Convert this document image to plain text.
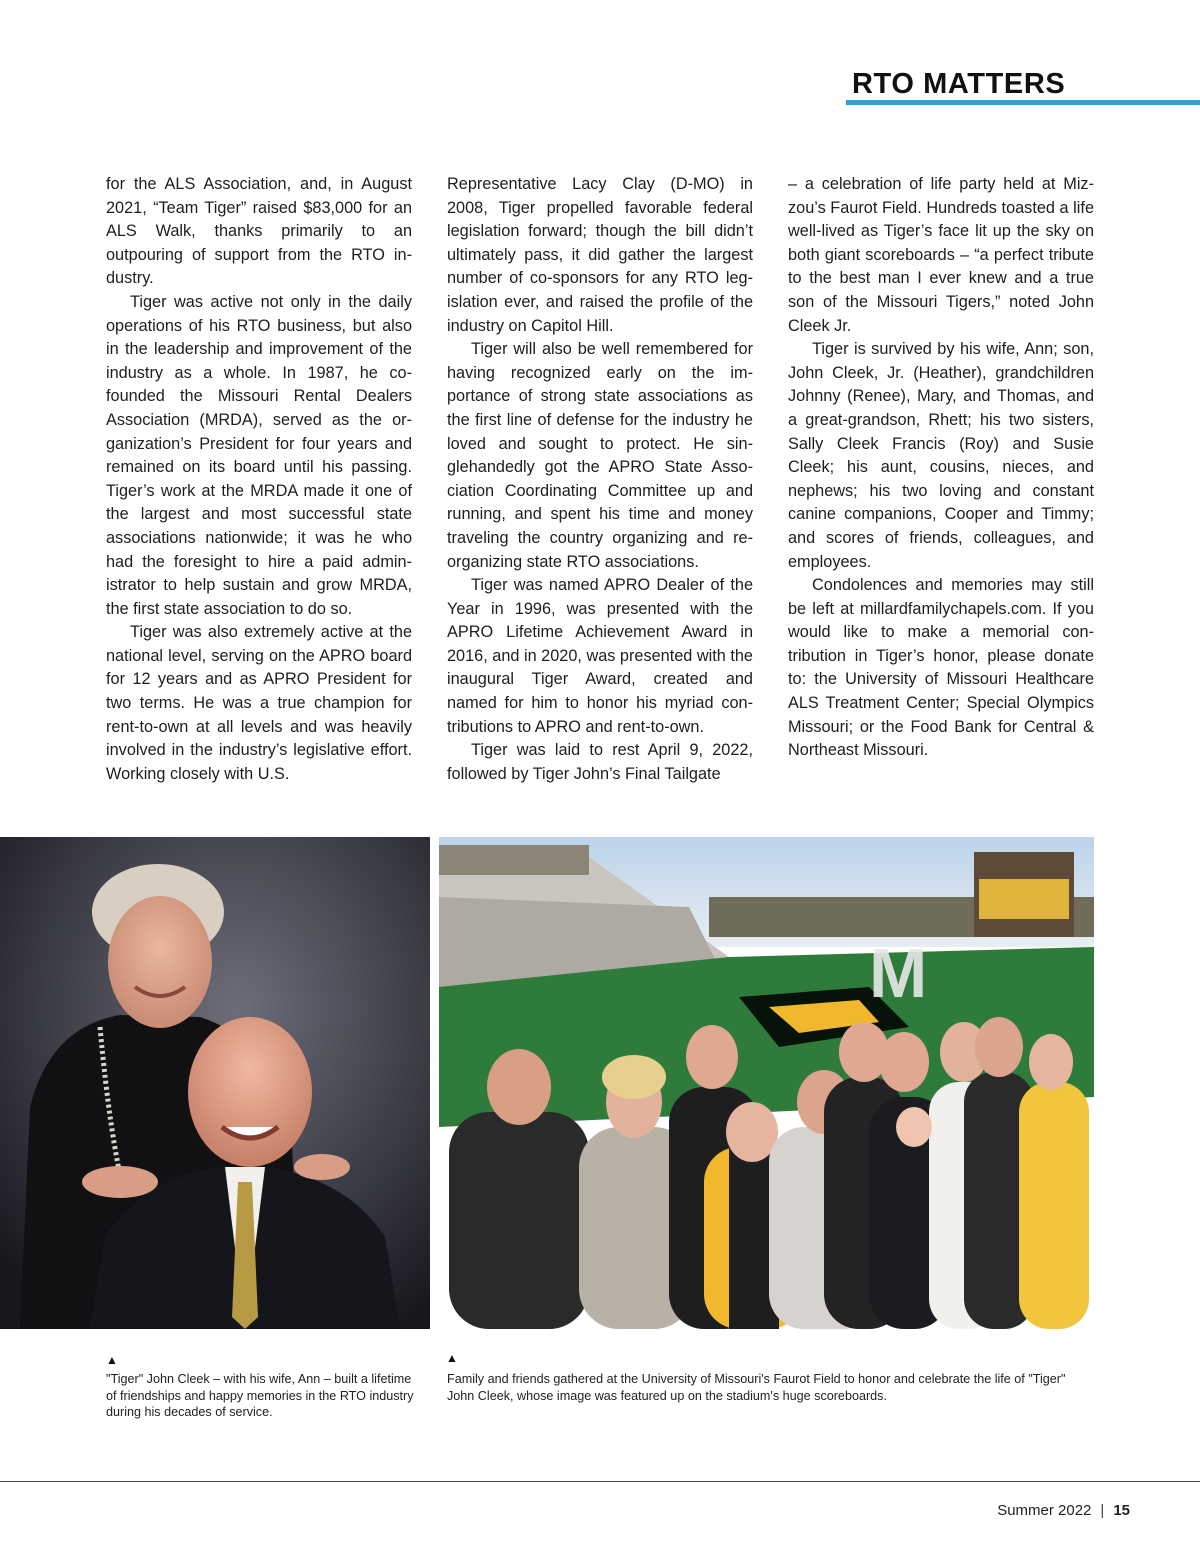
RTO MATTERS

for the ALS Association, and, in August 2021, “Team Tiger” raised $83,000 for an ALS Walk, thanks primarily to an outpouring of support from the RTO industry.

Tiger was active not only in the daily operations of his RTO business, but also in the leadership and improvement of the industry as a whole. In 1987, he co-founded the Missouri Rental Dealers Association (MRDA), served as the organization’s President for four years and remained on its board until his passing. Tiger’s work at the MRDA made it one of the largest and most successful state associations nationwide; it was he who had the foresight to hire a paid administrator to help sustain and grow MRDA, the first state association to do so.

Tiger was also extremely active at the national level, serving on the APRO board for 12 years and as APRO President for two terms. He was a true champion for rent-to-own at all levels and was heavily involved in the industry’s legislative effort. Working closely with U.S.

Representative Lacy Clay (D-MO) in 2008, Tiger propelled favorable federal legislation forward; though the bill didn’t ultimately pass, it did gather the largest number of co-sponsors for any RTO legislation ever, and raised the profile of the industry on Capitol Hill.

Tiger will also be well remembered for having recognized early on the importance of strong state associations as the first line of defense for the industry he loved and sought to protect. He singlehandedly got the APRO State Association Coordinating Committee up and running, and spent his time and money traveling the country organizing and re-organizing state RTO associations.

Tiger was named APRO Dealer of the Year in 1996, was presented with the APRO Lifetime Achievement Award in 2016, and in 2020, was presented with the inaugural Tiger Award, created and named for him to honor his myriad contributions to APRO and rent-to-own.

Tiger was laid to rest April 9, 2022, followed by Tiger John’s Final Tailgate

– a celebration of life party held at Mizzou’s Faurot Field. Hundreds toasted a life well-lived as Tiger’s face lit up the sky on both giant scoreboards – “a perfect tribute to the best man I ever knew and a true son of the Missouri Tigers,” noted John Cleek Jr.

Tiger is survived by his wife, Ann; son, John Cleek, Jr. (Heather), grandchildren Johnny (Renee), Mary, and Thomas, and a great-grandson, Rhett; his two sisters, Sally Cleek Francis (Roy) and Susie Cleek; his aunt, cousins, nieces, and nephews; his two loving and constant canine companions, Cooper and Timmy; and scores of friends, colleagues, and employees.

Condolences and memories may still be left at millardfamilychapels.com. If you would like to make a memorial contribution in Tiger’s honor, please donate to: the University of Missouri Healthcare ALS Treatment Center; Special Olympics Missouri; or the Food Bank for Central & Northeast Missouri.

M
▲
"Tiger" John Cleek – with his wife, Ann – built a lifetime of friendships and happy memories in the RTO industry during his decades of service.
▲
Family and friends gathered at the University of Missouri's Faurot Field to honor and celebrate the life of "Tiger" John Cleek, whose image was featured up on the stadium's huge scoreboards.
Summer 2022 | 15
